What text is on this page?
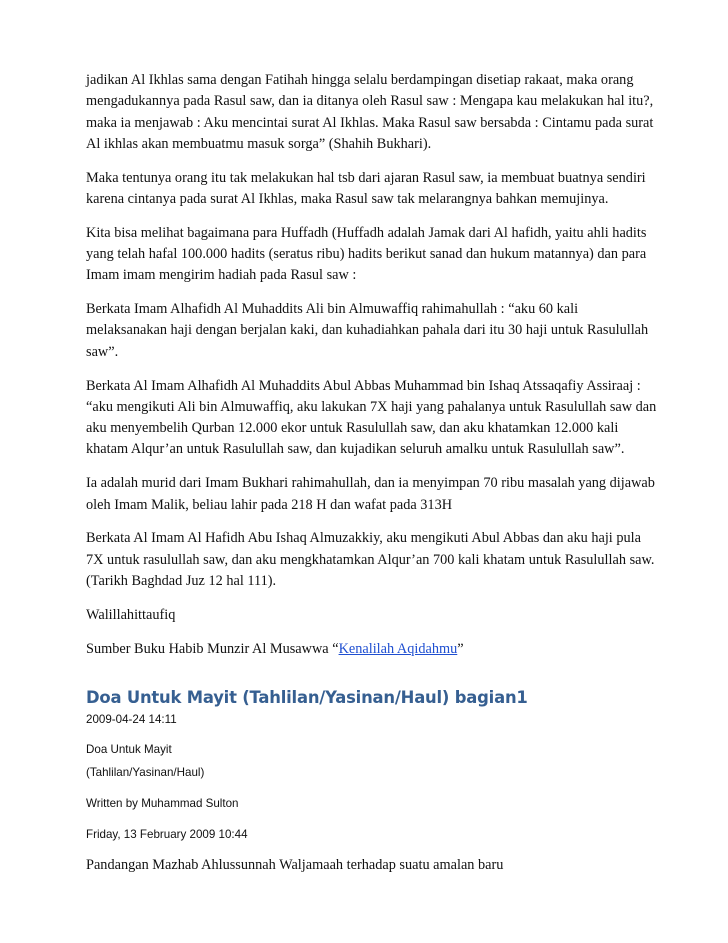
jadikan Al Ikhlas sama dengan Fatihah hingga selalu berdampingan disetiap rakaat, maka orang mengadukannya pada Rasul saw, dan ia ditanya oleh Rasul saw : Mengapa kau melakukan hal itu?, maka ia menjawab : Aku mencintai surat Al Ikhlas. Maka Rasul saw bersabda : Cintamu pada surat Al ikhlas akan membuatmu masuk sorga” (Shahih Bukhari).

Maka tentunya orang itu tak melakukan hal tsb dari ajaran Rasul saw, ia membuat buatnya sendiri karena cintanya pada surat Al Ikhlas, maka Rasul saw tak melarangnya bahkan memujinya.

Kita bisa melihat bagaimana para Huffadh (Huffadh adalah Jamak dari Al hafidh, yaitu ahli hadits yang telah hafal 100.000 hadits (seratus ribu) hadits berikut sanad dan hukum matannya) dan para Imam imam mengirim hadiah pada Rasul saw :

Berkata Imam Alhafidh Al Muhaddits Ali bin Almuwaffiq rahimahullah : “aku 60 kali melaksanakan haji dengan berjalan kaki, dan kuhadiahkan pahala dari itu 30 haji untuk Rasulullah saw”.

Berkata Al Imam Alhafidh Al Muhaddits Abul Abbas Muhammad bin Ishaq Atssaqafiy Assiraaj : “aku mengikuti Ali bin Almuwaffiq, aku lakukan 7X haji yang pahalanya untuk Rasulullah saw dan aku menyembelih Qurban 12.000 ekor untuk Rasulullah saw, dan aku khatamkan 12.000 kali khatam Alqur’an untuk Rasulullah saw, dan kujadikan seluruh amalku untuk Rasulullah saw”.

Ia adalah murid dari Imam Bukhari rahimahullah, dan ia menyimpan 70 ribu masalah yang dijawab oleh Imam Malik, beliau lahir pada 218 H dan wafat pada 313H

Berkata Al Imam Al Hafidh Abu Ishaq Almuzakkiy, aku mengikuti Abul Abbas dan aku haji pula 7X untuk rasulullah saw, dan aku mengkhatamkan Alqur’an 700 kali khatam untuk Rasulullah saw. (Tarikh Baghdad Juz 12 hal 111).

Walillahittaufiq

Sumber Buku Habib Munzir Al Musawwa “Kenalilah Aqidahmu”

Doa Untuk Mayit (Tahlilan/Yasinan/Haul) bagian1

2009-04-24 14:11

Doa Untuk Mayit

(Tahlilan/Yasinan/Haul)

Written by Muhammad Sulton

Friday, 13 February 2009 10:44

Pandangan Mazhab Ahlussunnah Waljamaah terhadap suatu amalan baru
